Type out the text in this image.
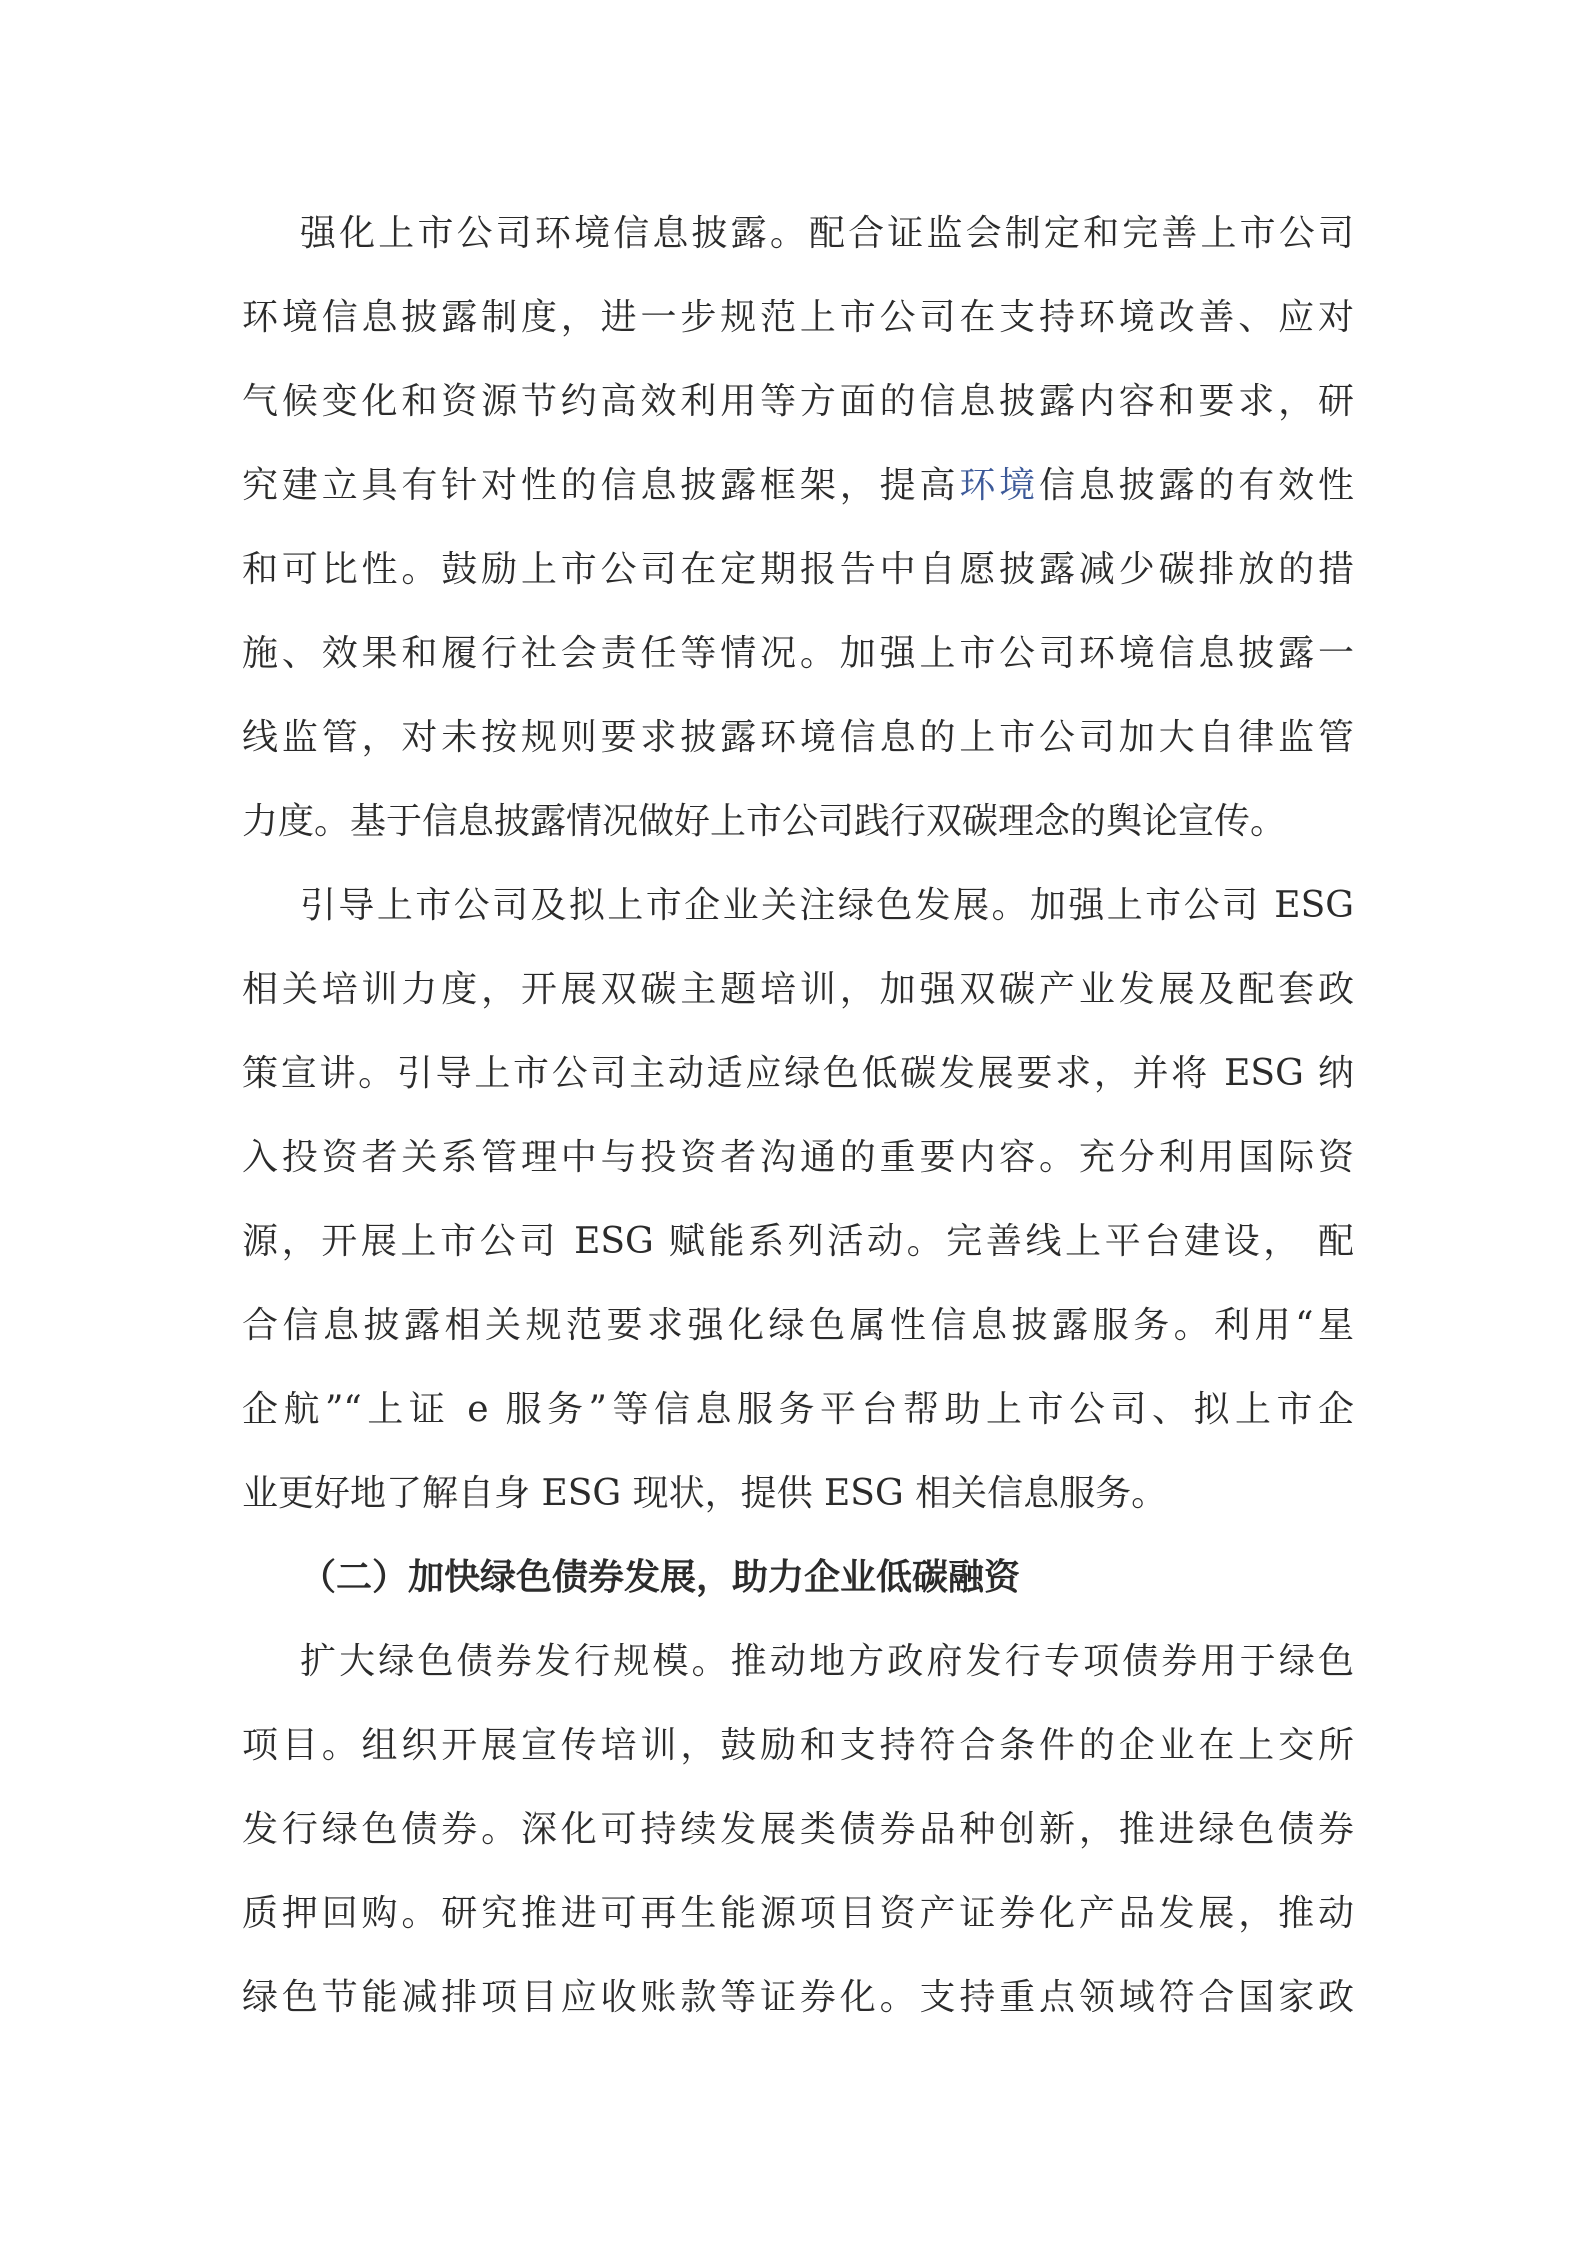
强化上市公司环境信息披露。配合证监会制定和完善上市公司
环境信息披露制度，进一步规范上市公司在支持环境改善、应对
气候变化和资源节约高效利用等方面的信息披露内容和要求，研
究建立具有针对性的信息披露框架，提高环境信息披露的有效性
和可比性。鼓励上市公司在定期报告中自愿披露减少碳排放的措
施、效果和履行社会责任等情况。加强上市公司环境信息披露一
线监管，对未按规则要求披露环境信息的上市公司加大自律监管
力度。基于信息披露情况做好上市公司践行双碳理念的舆论宣传。
引导上市公司及拟上市企业关注绿色发展。加强上市公司 ESG
相关培训力度，开展双碳主题培训，加强双碳产业发展及配套政
策宣讲。引导上市公司主动适应绿色低碳发展要求，并将 ESG 纳
入投资者关系管理中与投资者沟通的重要内容。充分利用国际资
源，开展上市公司 ESG 赋能系列活动。完善线上平台建设， 配
合信息披露相关规范要求强化绿色属性信息披露服务。利用“星
企航”“上证 e 服务”等信息服务平台帮助上市公司、拟上市企
业更好地了解自身 ESG 现状，提供 ESG 相关信息服务。
（二）加快绿色债券发展，助力企业低碳融资
扩大绿色债券发行规模。推动地方政府发行专项债券用于绿色
项目。组织开展宣传培训，鼓励和支持符合条件的企业在上交所
发行绿色债券。深化可持续发展类债券品种创新，推进绿色债券
质押回购。研究推进可再生能源项目资产证券化产品发展，推动
绿色节能减排项目应收账款等证券化。支持重点领域符合国家政
